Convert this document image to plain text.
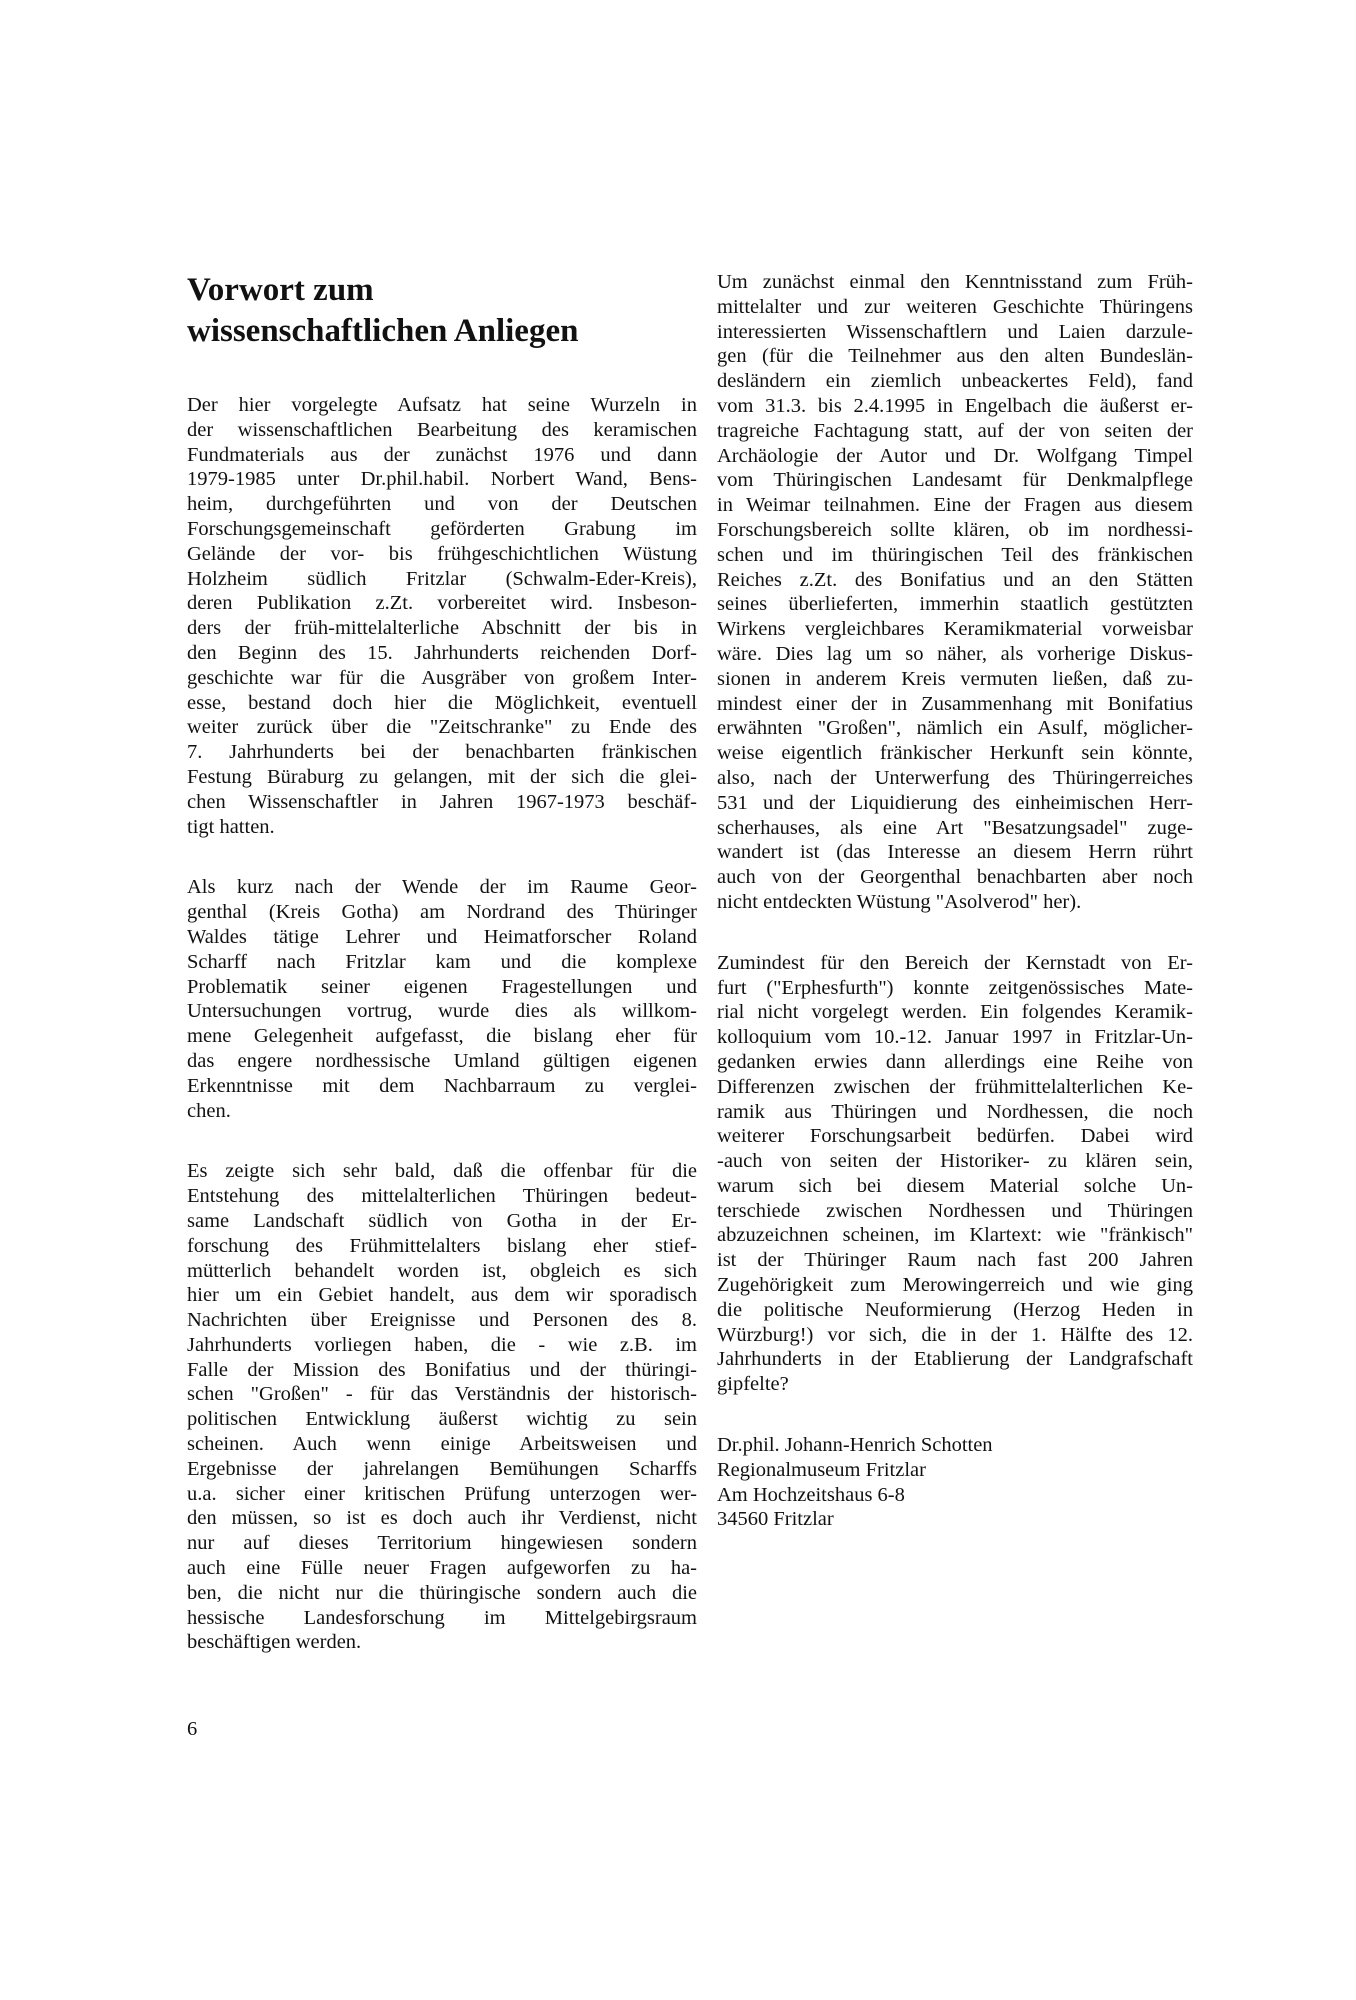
Vorwort zum
wissenschaftlichen Anliegen
Der hier vorgelegte Aufsatz hat seine Wurzeln in
der wissenschaftlichen Bearbeitung des keramischen
Fundmaterials aus der zunächst 1976 und dann
1979-1985 unter Dr.phil.habil. Norbert Wand, Bens-
heim, durchgeführten und von der Deutschen
Forschungsgemeinschaft geförderten Grabung im
Gelände der vor- bis frühgeschichtlichen Wüstung
Holzheim südlich Fritzlar (Schwalm-Eder-Kreis),
deren Publikation z.Zt. vorbereitet wird. Insbeson-
ders der früh-mittelalterliche Abschnitt der bis in
den Beginn des 15. Jahrhunderts reichenden Dorf-
geschichte war für die Ausgräber von großem Inter-
esse, bestand doch hier die Möglichkeit, eventuell
weiter zurück über die "Zeitschranke" zu Ende des
7. Jahrhunderts bei der benachbarten fränkischen
Festung Büraburg zu gelangen, mit der sich die glei-
chen Wissenschaftler in Jahren 1967-1973 beschäf-
tigt hatten.
Als kurz nach der Wende der im Raume Geor-
genthal (Kreis Gotha) am Nordrand des Thüringer
Waldes tätige Lehrer und Heimatforscher Roland
Scharff nach Fritzlar kam und die komplexe
Problematik seiner eigenen Fragestellungen und
Untersuchungen vortrug, wurde dies als willkom-
mene Gelegenheit aufgefasst, die bislang eher für
das engere nordhessische Umland gültigen eigenen
Erkenntnisse mit dem Nachbarraum zu verglei-
chen.
Es zeigte sich sehr bald, daß die offenbar für die
Entstehung des mittelalterlichen Thüringen bedeut-
same Landschaft südlich von Gotha in der Er-
forschung des Frühmittelalters bislang eher stief-
mütterlich behandelt worden ist, obgleich es sich
hier um ein Gebiet handelt, aus dem wir sporadisch
Nachrichten über Ereignisse und Personen des 8.
Jahrhunderts vorliegen haben, die - wie z.B. im
Falle der Mission des Bonifatius und der thüringi-
schen "Großen" - für das Verständnis der historisch-
politischen Entwicklung äußerst wichtig zu sein
scheinen. Auch wenn einige Arbeitsweisen und
Ergebnisse der jahrelangen Bemühungen Scharffs
u.a. sicher einer kritischen Prüfung unterzogen wer-
den müssen, so ist es doch auch ihr Verdienst, nicht
nur auf dieses Territorium hingewiesen sondern
auch eine Fülle neuer Fragen aufgeworfen zu ha-
ben, die nicht nur die thüringische sondern auch die
hessische Landesforschung im Mittelgebirgsraum
beschäftigen werden.
Um zunächst einmal den Kenntnisstand zum Früh-
mittelalter und zur weiteren Geschichte Thüringens
interessierten Wissenschaftlern und Laien darzule-
gen (für die Teilnehmer aus den alten Bundeslän-
desländern ein ziemlich unbeackertes Feld), fand
vom 31.3. bis 2.4.1995 in Engelbach die äußerst er-
tragreiche Fachtagung statt, auf der von seiten der
Archäologie der Autor und Dr. Wolfgang Timpel
vom Thüringischen Landesamt für Denkmalpflege
in Weimar teilnahmen. Eine der Fragen aus diesem
Forschungsbereich sollte klären, ob im nordhessi-
schen und im thüringischen Teil des fränkischen
Reiches z.Zt. des Bonifatius und an den Stätten
seines überlieferten, immerhin staatlich gestützten
Wirkens vergleichbares Keramikmaterial vorweisbar
wäre. Dies lag um so näher, als vorherige Diskus-
sionen in anderem Kreis vermuten ließen, daß zu-
mindest einer der in Zusammenhang mit Bonifatius
erwähnten "Großen", nämlich ein Asulf, möglicher-
weise eigentlich fränkischer Herkunft sein könnte,
also, nach der Unterwerfung des Thüringerreiches
531 und der Liquidierung des einheimischen Herr-
scherhauses, als eine Art "Besatzungsadel" zuge-
wandert ist (das Interesse an diesem Herrn rührt
auch von der Georgenthal benachbarten aber noch
nicht entdeckten Wüstung "Asolverod" her).
Zumindest für den Bereich der Kernstadt von Er-
furt ("Erphesfurth") konnte zeitgenössisches Mate-
rial nicht vorgelegt werden. Ein folgendes Keramik-
kolloquium vom 10.-12. Januar 1997 in Fritzlar-Un-
gedanken erwies dann allerdings eine Reihe von
Differenzen zwischen der frühmittelalterlichen Ke-
ramik aus Thüringen und Nordhessen, die noch
weiterer Forschungsarbeit bedürfen. Dabei wird
-auch von seiten der Historiker- zu klären sein,
warum sich bei diesem Material solche Un-
terschiede zwischen Nordhessen und Thüringen
abzuzeichnen scheinen, im Klartext: wie "fränkisch"
ist der Thüringer Raum nach fast 200 Jahren
Zugehörigkeit zum Merowingerreich und wie ging
die politische Neuformierung (Herzog Heden in
Würzburg!) vor sich, die in der 1. Hälfte des 12.
Jahrhunderts in der Etablierung der Landgrafschaft
gipfelte?
Dr.phil. Johann-Henrich Schotten
Regionalmuseum Fritzlar
Am Hochzeitshaus 6-8
34560 Fritzlar
6
